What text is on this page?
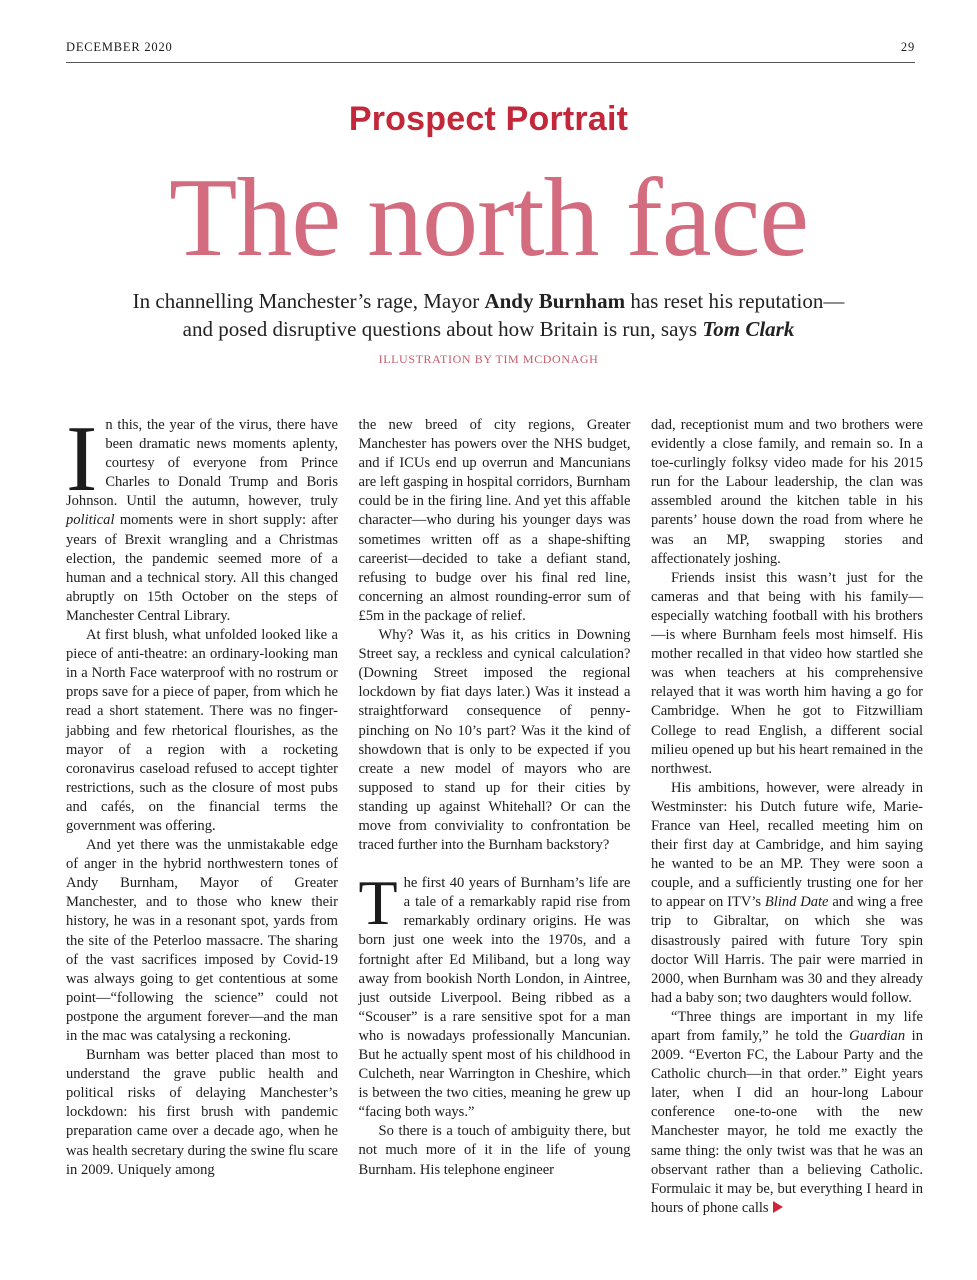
DECEMBER 2020	29
Prospect Portrait
The north face
In channelling Manchester’s rage, Mayor Andy Burnham has reset his reputation—
and posed disruptive questions about how Britain is run, says Tom Clark
ILLUSTRATION BY TIM MCDONAGH

In this, the year of the virus, there have been dramatic news moments aplenty, courtesy of everyone from Prince Charles to Donald Trump and Boris Johnson. Until the autumn, however, truly political moments were in short supply: after years of Brexit wrangling and a Christmas election, the pandemic seemed more of a human and a technical story. All this changed abruptly on 15th October on the steps of Manchester Central Library.

At first blush, what unfolded looked like a piece of anti-theatre: an ordinary-looking man in a North Face waterproof with no rostrum or props save for a piece of paper, from which he read a short statement. There was no finger-jabbing and few rhetorical flourishes, as the mayor of a region with a rocketing coronavirus caseload refused to accept tighter restrictions, such as the closure of most pubs and cafés, on the financial terms the government was offering.

And yet there was the unmistakable edge of anger in the hybrid northwestern tones of Andy Burnham, Mayor of Greater Manchester, and to those who knew their history, he was in a resonant spot, yards from the site of the Peterloo massacre. The sharing of the vast sacrifices imposed by Covid-19 was always going to get contentious at some point—“following the science” could not postpone the argument forever—and the man in the mac was catalysing a reckoning.

Burnham was better placed than most to understand the grave public health and political risks of delaying Manchester’s lockdown: his first brush with pandemic preparation came over a decade ago, when he was health secretary during the swine flu scare in 2009. Uniquely among

the new breed of city regions, Greater Manchester has powers over the NHS budget, and if ICUs end up overrun and Mancunians are left gasping in hospital corridors, Burnham could be in the firing line. And yet this affable character—who during his younger days was sometimes written off as a shape-shifting careerist—decided to take a defiant stand, refusing to budge over his final red line, concerning an almost rounding-error sum of £5m in the package of relief.

Why? Was it, as his critics in Downing Street say, a reckless and cynical calculation? (Downing Street imposed the regional lockdown by fiat days later.) Was it instead a straightforward consequence of penny-pinching on No 10’s part? Was it the kind of showdown that is only to be expected if you create a new model of mayors who are supposed to stand up for their cities by standing up against Whitehall? Or can the move from conviviality to confrontation be traced further into the Burnham backstory?

The first 40 years of Burnham’s life are a tale of a remarkably rapid rise from remarkably ordinary origins. He was born just one week into the 1970s, and a fortnight after Ed Miliband, but a long way away from bookish North London, in Aintree, just outside Liverpool. Being ribbed as a “Scouser” is a rare sensitive spot for a man who is nowadays professionally Mancunian. But he actually spent most of his childhood in Culcheth, near Warrington in Cheshire, which is between the two cities, meaning he grew up “facing both ways.”

So there is a touch of ambiguity there, but not much more of it in the life of young Burnham. His telephone engineer

dad, receptionist mum and two brothers were evidently a close family, and remain so. In a toe-curlingly folksy video made for his 2015 run for the Labour leadership, the clan was assembled around the kitchen table in his parents’ house down the road from where he was an MP, swapping stories and affectionately joshing.

Friends insist this wasn’t just for the cameras and that being with his family—especially watching football with his brothers—is where Burnham feels most himself. His mother recalled in that video how startled she was when teachers at his comprehensive relayed that it was worth him having a go for Cambridge. When he got to Fitzwilliam College to read English, a different social milieu opened up but his heart remained in the northwest.

His ambitions, however, were already in Westminster: his Dutch future wife, Marie-France van Heel, recalled meeting him on their first day at Cambridge, and him saying he wanted to be an MP. They were soon a couple, and a sufficiently trusting one for her to appear on ITV’s Blind Date and wing a free trip to Gibraltar, on which she was disastrously paired with future Tory spin doctor Will Harris. The pair were married in 2000, when Burnham was 30 and they already had a baby son; two daughters would follow.

“Three things are important in my life apart from family,” he told the Guardian in 2009. “Everton FC, the Labour Party and the Catholic church—in that order.” Eight years later, when I did an hour-long Labour conference one-to-one with the new Manchester mayor, he told me exactly the same thing: the only twist was that he was an observant rather than a believing Catholic. Formulaic it may be, but everything I heard in hours of phone calls
